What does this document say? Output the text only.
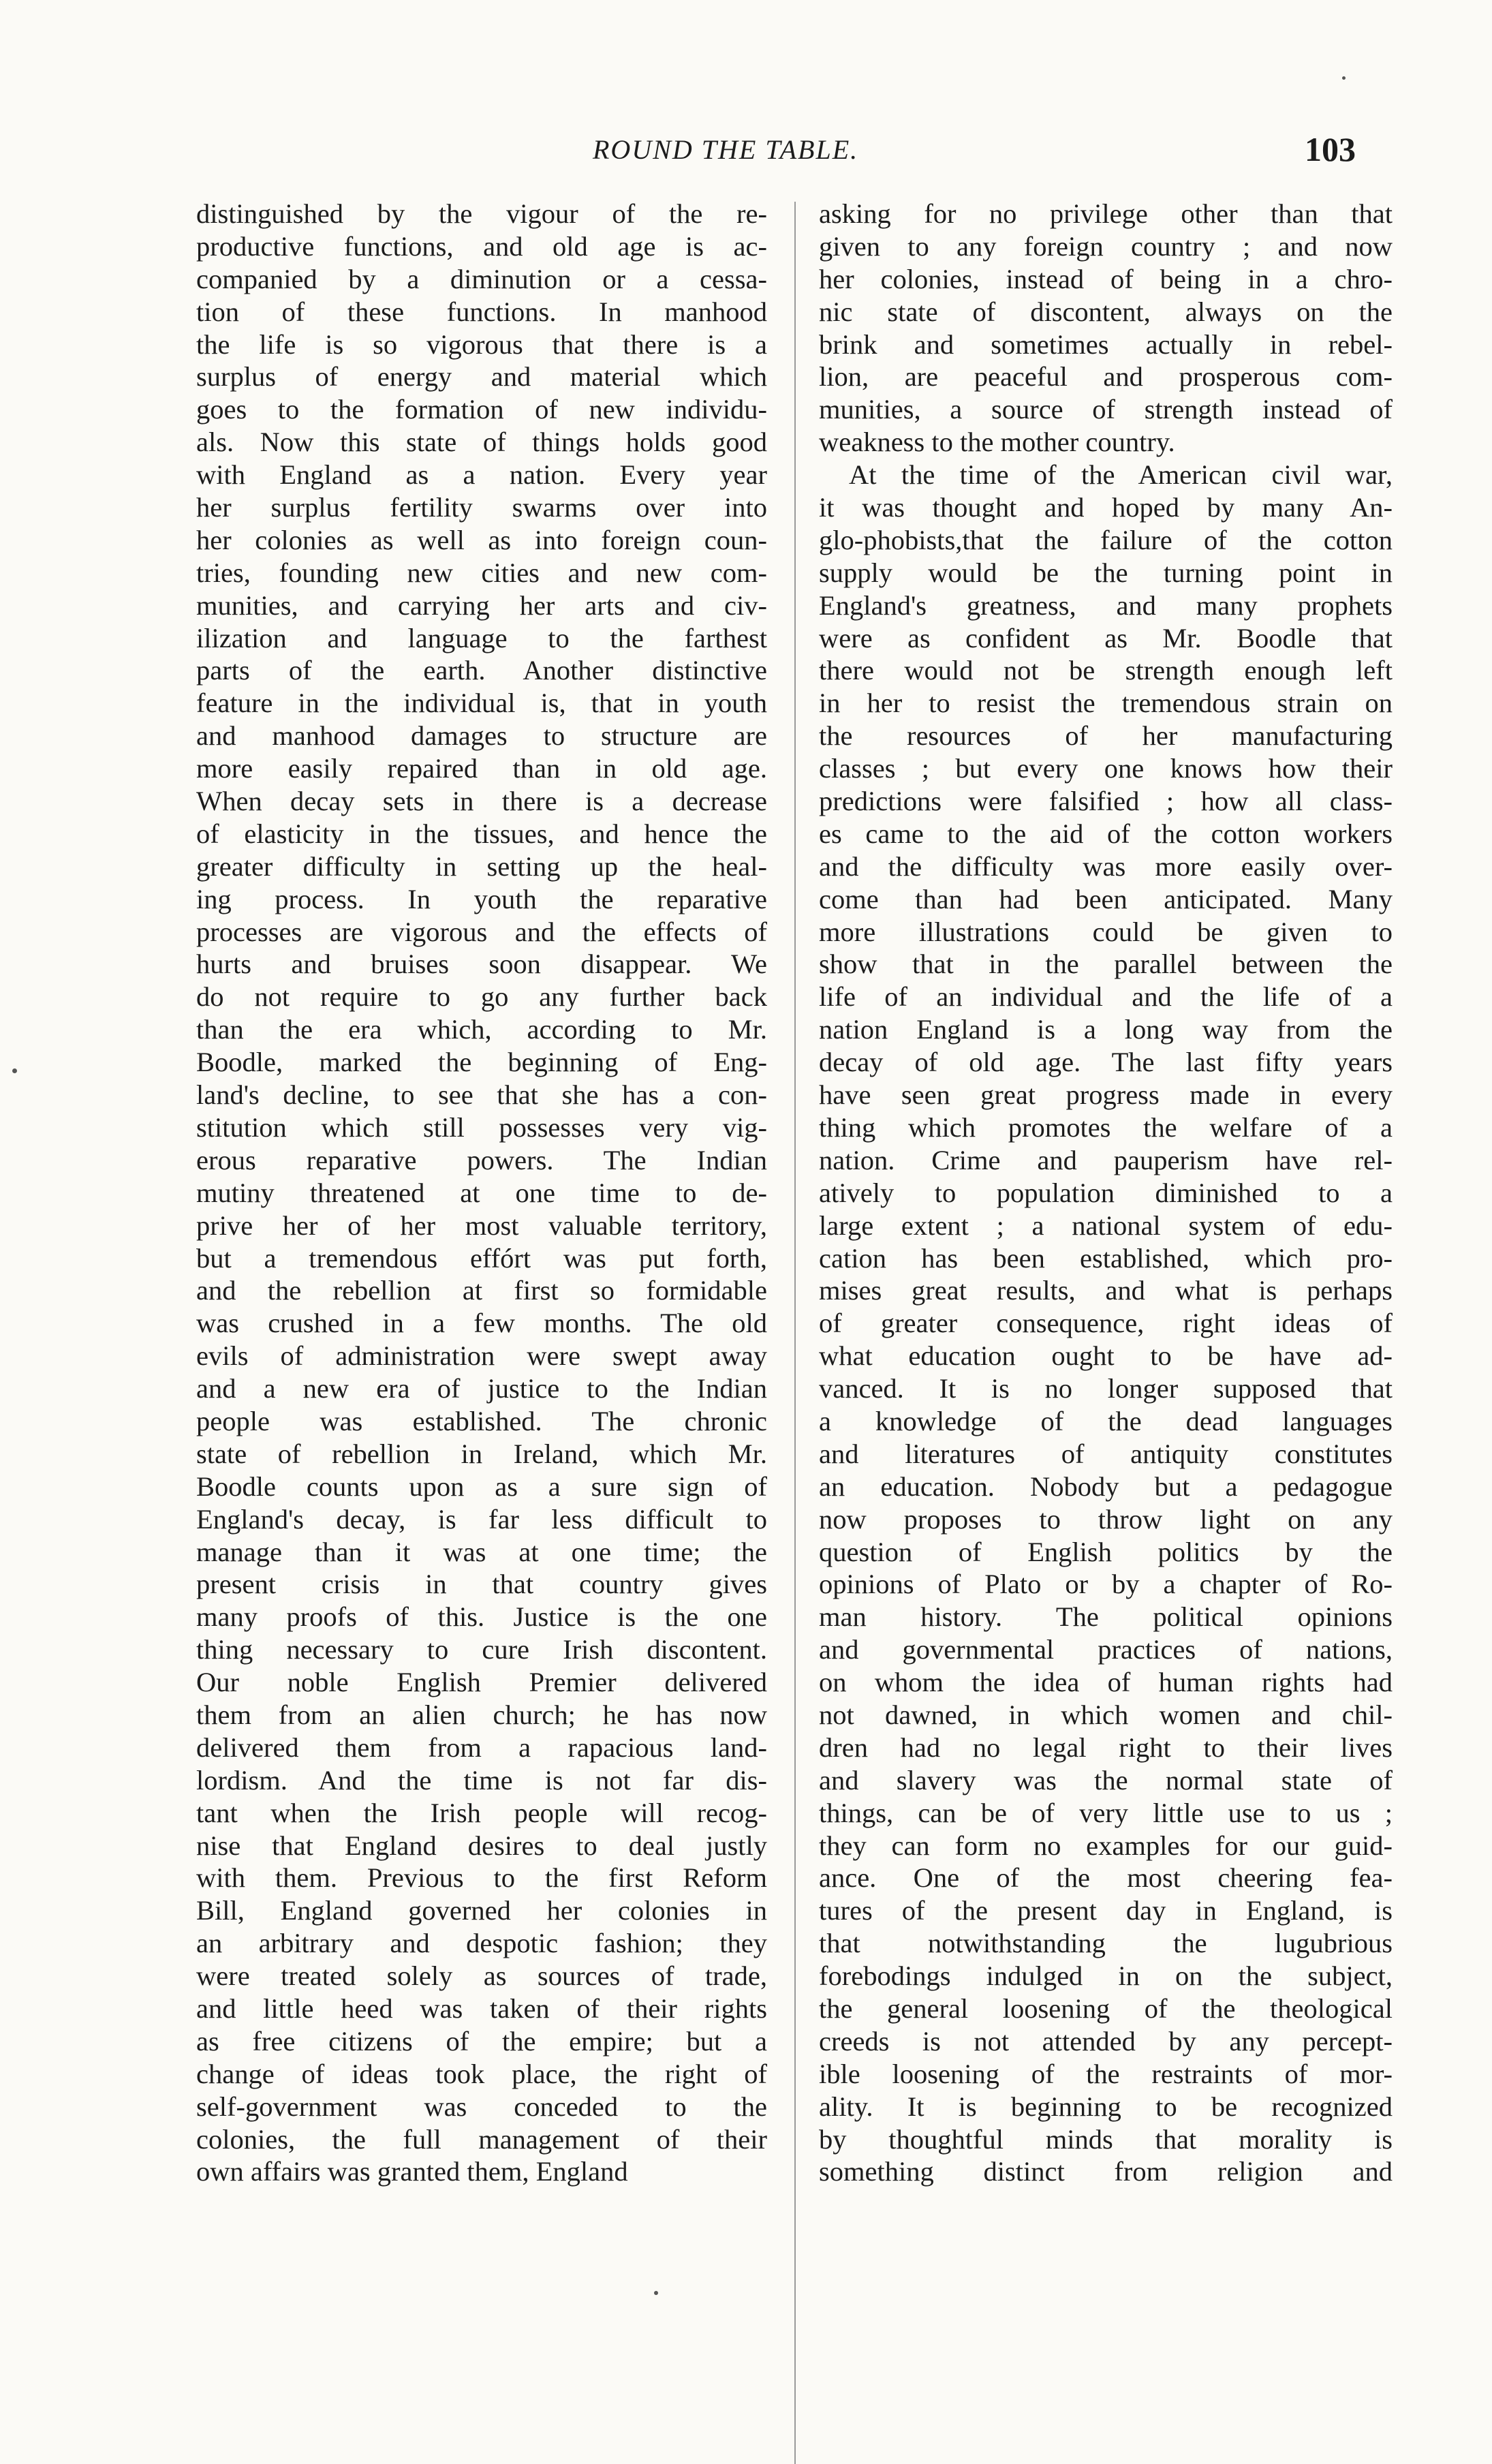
ROUND THE TABLE.	103
distinguished by the vigour of the re-
productive functions, and old age is ac-
companied by a diminution or a cessa-
tion of these functions. In manhood
the life is so vigorous that there is a
surplus of energy and material which
goes to the formation of new individu-
als. Now this state of things holds good
with England as a nation. Every year
her surplus fertility swarms over into
her colonies as well as into foreign coun-
tries, founding new cities and new com-
munities, and carrying her arts and civ-
ilization and language to the farthest
parts of the earth. Another distinctive
feature in the individual is, that in youth
and manhood damages to structure are
more easily repaired than in old age.
When decay sets in there is a decrease
of elasticity in the tissues, and hence the
greater difficulty in setting up the heal-
ing process. In youth the reparative
processes are vigorous and the effects of
hurts and bruises soon disappear. We
do not require to go any further back
than the era which, according to Mr.
Boodle, marked the beginning of Eng-
land's decline, to see that she has a con-
stitution which still possesses very vig-
erous reparative powers. The Indian
mutiny threatened at one time to de-
prive her of her most valuable territory,
but a tremendous effórt was put forth,
and the rebellion at first so formidable
was crushed in a few months. The old
evils of administration were swept away
and a new era of justice to the Indian
people was established. The chronic
state of rebellion in Ireland, which Mr.
Boodle counts upon as a sure sign of
England's decay, is far less difficult to
manage than it was at one time; the
present crisis in that country gives
many proofs of this. Justice is the one
thing necessary to cure Irish discontent.
Our noble English Premier delivered
them from an alien church; he has now
delivered them from a rapacious land-
lordism. And the time is not far dis-
tant when the Irish people will recog-
nise that England desires to deal justly
with them. Previous to the first Reform
Bill, England governed her colonies in
an arbitrary and despotic fashion; they
were treated solely as sources of trade,
and little heed was taken of their rights
as free citizens of the empire; but a
change of ideas took place, the right of
self-government was conceded to the
colonies, the full management of their
own affairs was granted them, England
asking for no privilege other than that
given to any foreign country ; and now
her colonies, instead of being in a chro-
nic state of discontent, always on the
brink and sometimes actually in rebel-
lion, are peaceful and prosperous com-
munities, a source of strength instead of
weakness to the mother country.
At the time of the American civil war,
it was thought and hoped by many An-
glo-phobists,that the failure of the cotton
supply would be the turning point in
England's greatness, and many prophets
were as confident as Mr. Boodle that
there would not be strength enough left
in her to resist the tremendous strain on
the resources of her manufacturing
classes ; but every one knows how their
predictions were falsified ; how all class-
es came to the aid of the cotton workers
and the difficulty was more easily over-
come than had been anticipated. Many
more illustrations could be given to
show that in the parallel between the
life of an individual and the life of a
nation England is a long way from the
decay of old age. The last fifty years
have seen great progress made in every
thing which promotes the welfare of a
nation. Crime and pauperism have rel-
atively to population diminished to a
large extent ; a national system of edu-
cation has been established, which pro-
mises great results, and what is perhaps
of greater consequence, right ideas of
what education ought to be have ad-
vanced. It is no longer supposed that
a knowledge of the dead languages
and literatures of antiquity constitutes
an education. Nobody but a pedagogue
now proposes to throw light on any
question of English politics by the
opinions of Plato or by a chapter of Ro-
man history. The political opinions
and governmental practices of nations,
on whom the idea of human rights had
not dawned, in which women and chil-
dren had no legal right to their lives
and slavery was the normal state of
things, can be of very little use to us ;
they can form no examples for our guid-
ance. One of the most cheering fea-
tures of the present day in England, is
that notwithstanding the lugubrious
forebodings indulged in on the subject,
the general loosening of the theological
creeds is not attended by any percept-
ible loosening of the restraints of mor-
ality. It is beginning to be recognized
by thoughtful minds that morality is
something distinct from religion and
